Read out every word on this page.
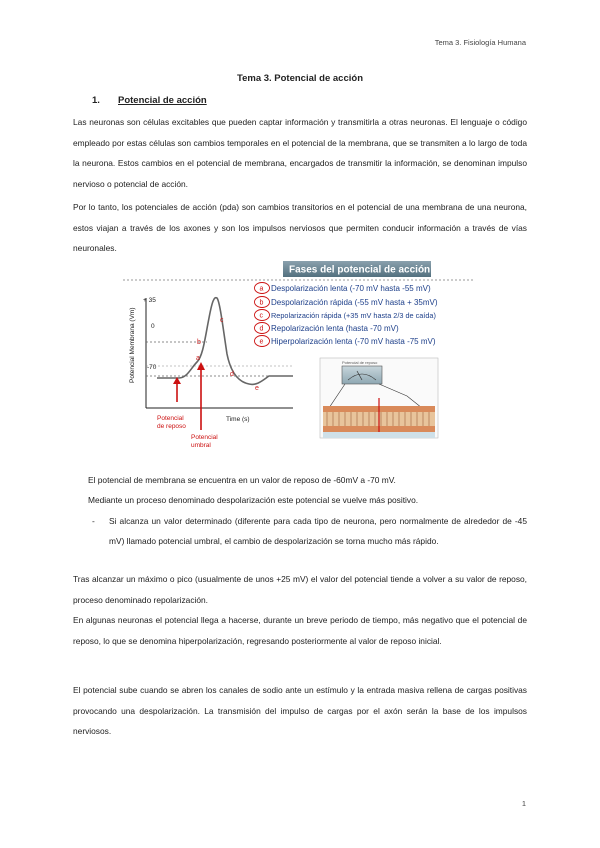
Tema 3. Fisiología Humana
Tema 3. Potencial de acción
1. Potencial de acción
Las neuronas son células excitables que pueden captar información y transmitirla a otras neuronas. El lenguaje o código empleado por estas células son cambios temporales en el potencial de la membrana, que se transmiten a lo largo de toda la neurona. Estos cambios en el potencial de membrana, encargados de transmitir la información, se denominan impulso nervioso o potencial de acción.
Por lo tanto, los potenciales de acción (pda) son cambios transitorios en el potencial de una membrana de una neurona, estos viajan a través de los axones y son los impulsos nerviosos que permiten conducir información a través de vías neuronales.
Fases del potencial de acción
Potencial Membrana (Vm)
+ 35
0
-70
a
b
c
d
e
Time (s)
Potencial
de reposo
Potencial
umbral
a Despolarización lenta (-70 mV hasta -55 mV)
b Despolarización rápida (-55 mV hasta + 35mV)
c Repolarización rápida (+35 mV hasta 2/3 de caída)
d Repolarización lenta (hasta -70 mV)
e Hiperpolarización lenta (-70 mV hasta -75 mV)
Potencial de reposo
El potencial de membrana se encuentra en un valor de reposo de -60mV a -70 mV.
Mediante un proceso denominado despolarización este potencial se vuelve más positivo.
- Si alcanza un valor determinado (diferente para cada tipo de neurona, pero normalmente de alrededor de -45 mV) llamado potencial umbral, el cambio de despolarización se torna mucho más rápido.
Tras alcanzar un máximo o pico (usualmente de unos +25 mV) el valor del potencial tiende a volver a su valor de reposo, proceso denominado repolarización.
En algunas neuronas el potencial llega a hacerse, durante un breve periodo de tiempo, más negativo que el potencial de reposo, lo que se denomina hiperpolarización, regresando posteriormente al valor de reposo inicial.
El potencial sube cuando se abren los canales de sodio ante un estímulo y la entrada masiva rellena de cargas positivas provocando una despolarización. La transmisión del impulso de cargas por el axón serán la base de los impulsos nerviosos.
1
